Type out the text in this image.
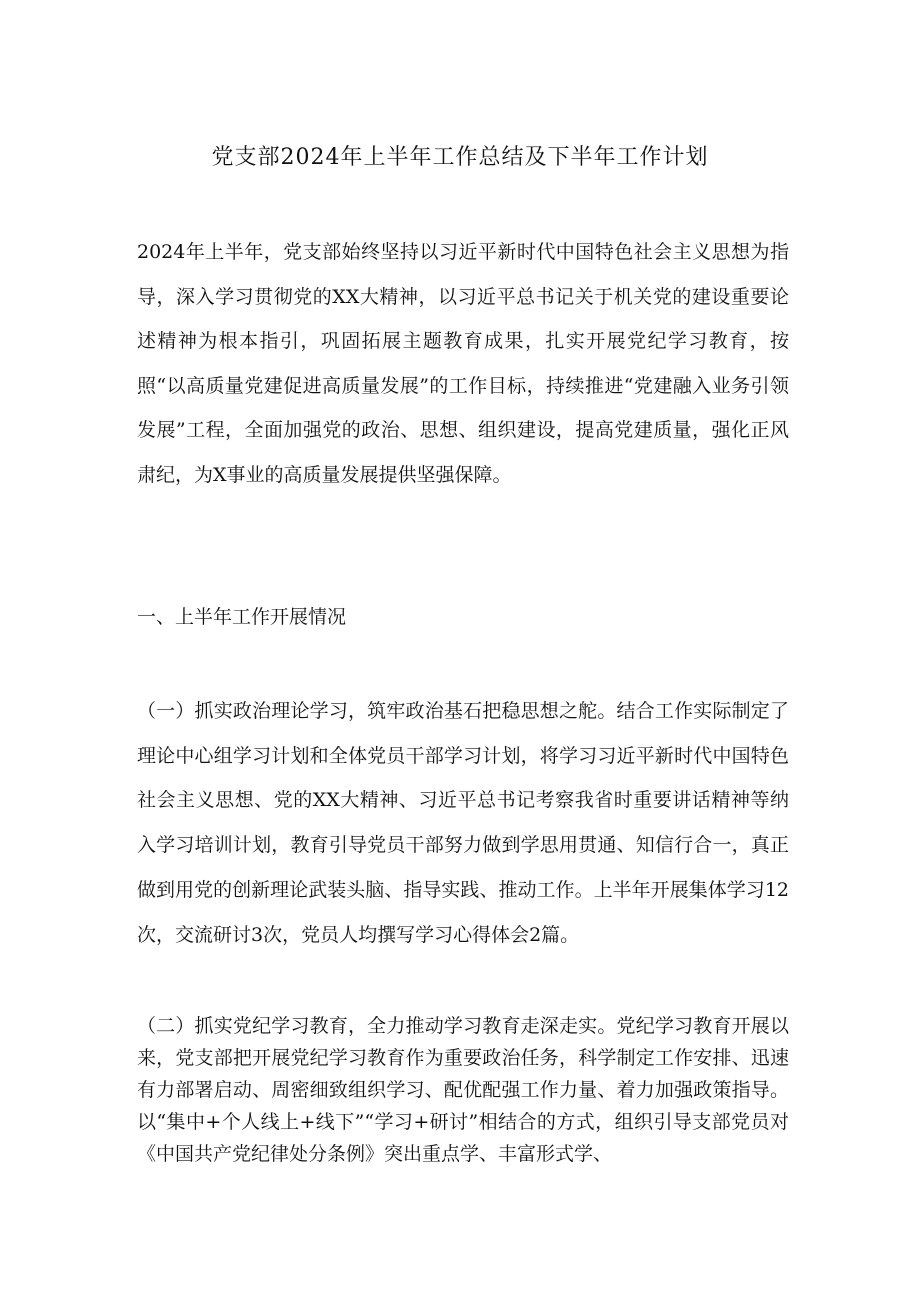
党支部2024年上半年工作总结及下半年工作计划

2024年上半年，党支部始终坚持以习近平新时代中国特色社会主义思想为指导，深入学习贯彻党的XX大精神，以习近平总书记关于机关党的建设重要论述精神为根本指引，巩固拓展主题教育成果，扎实开展党纪学习教育，按照“以高质量党建促进高质量发展”的工作目标，持续推进“党建融入业务引领发展”工程，全面加强党的政治、思想、组织建设，提高党建质量，强化正风肃纪，为X事业的高质量发展提供坚强保障。

一、上半年工作开展情况

（一）抓实政治理论学习，筑牢政治基石把稳思想之舵。结合工作实际制定了理论中心组学习计划和全体党员干部学习计划，将学习习近平新时代中国特色社会主义思想、党的XX大精神、习近平总书记考察我省时重要讲话精神等纳入学习培训计划，教育引导党员干部努力做到学思用贯通、知信行合一，真正做到用党的创新理论武装头脑、指导实践、推动工作。上半年开展集体学习12次，交流研讨3次，党员人均撰写学习心得体会2篇。

（二）抓实党纪学习教育，全力推动学习教育走深走实。党纪学习教育开展以来，党支部把开展党纪学习教育作为重要政治任务，科学制定工作安排、迅速有力部署启动、周密细致组织学习、配优配强工作力量、着力加强政策指导。以“集中+个人线上+线下”“学习+研讨”相结合的方式，组织引导支部党员对《中国共产党纪律处分条例》突出重点学、丰富形式学、
